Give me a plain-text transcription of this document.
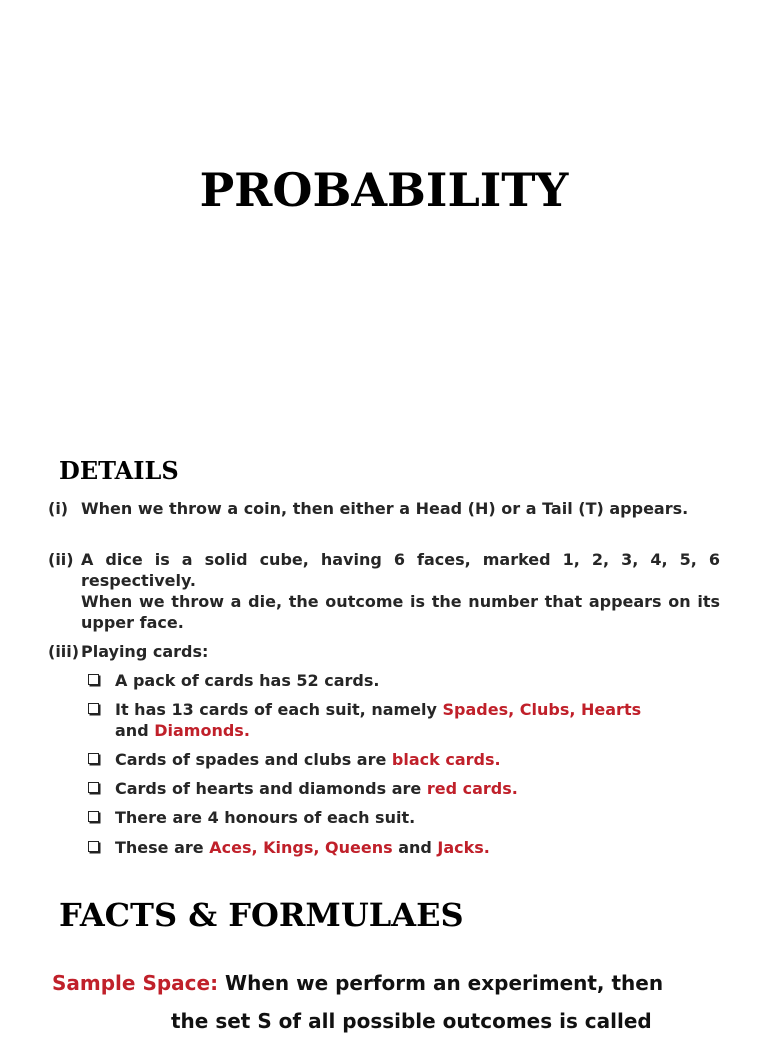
PROBABILITY
DETAILS
(i) When we throw a coin, then either a Head (H) or a Tail (T) appears.

(ii) A dice is a solid cube, having 6 faces, marked 1, 2, 3, 4, 5, 6 respectively.

When we throw a die, the outcome is the number that appears on its upper face.

(iii) Playing cards:

A pack of cards has 52 cards.
It has 13 cards of each suit, namely Spades, Clubs, Hearts
and Diamonds.
Cards of spades and clubs are black cards.
Cards of hearts and diamonds are red cards.
There are 4 honours of each suit.
These are Aces, Kings, Queens and Jacks.
FACTS & FORMULAES
Sample Space: When we perform an experiment, then
the set S of all possible outcomes is called
